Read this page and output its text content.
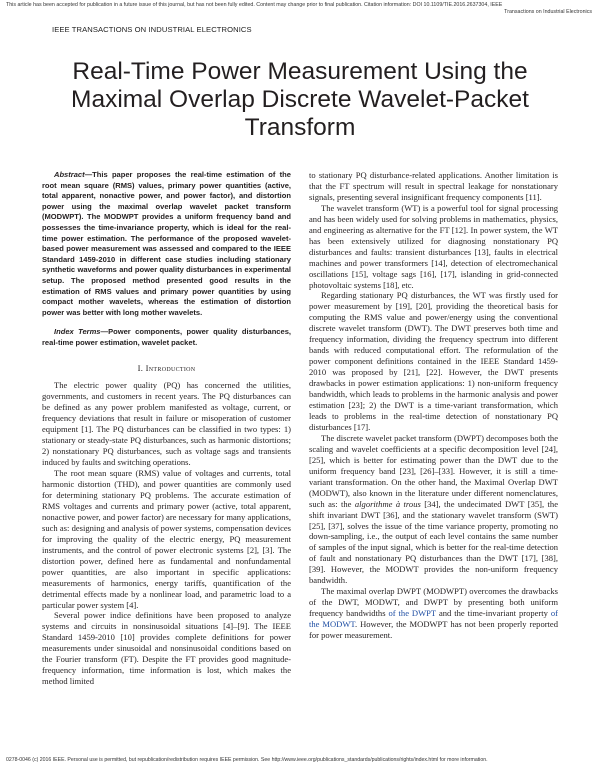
This article has been accepted for publication in a future issue of this journal, but has not been fully edited. Content may change prior to final publication. Citation information: DOI 10.1109/TIE.2016.2637304, IEEE
Transactions on Industrial Electronics
IEEE TRANSACTIONS ON INDUSTRIAL ELECTRONICS
Real-Time Power Measurement Using the Maximal Overlap Discrete Wavelet-Packet Transform

Abstract—This paper proposes the real-time estimation of the root mean square (RMS) values, primary power quantities (active, total apparent, nonactive power, and power factor), and distortion power using the maximal overlap wavelet packet transform (MODWPT). The MODWPT provides a uniform frequency band and possesses the time-invariance property, which is ideal for the real-time power estimation. The performance of the proposed wavelet-based power measurement was assessed and compared to the IEEE Standard 1459-2010 in different case studies including stationary synthetic waveforms and power quality disturbances in experimental setup. The proposed method presented good results in the estimation of RMS values and primary power quantities by using compact mother wavelets, whereas the estimation of distortion power was better with long mother wavelets.

Index Terms—Power components, power quality disturbances, real-time power estimation, wavelet packet.

I. Introduction

The electric power quality (PQ) has concerned the utilities, governments, and customers in recent years. The PQ disturbances can be defined as any power problem manifested as voltage, current, or frequency deviations that result in failure or misoperation of customer equipment [1]. The PQ disturbances can be classified in two types: 1) stationary or steady-state PQ disturbances, such as harmonic distortions; 2) nonstationary PQ disturbances, such as voltage sags and transients induced by faults and switching operations.

The root mean square (RMS) value of voltages and currents, total harmonic distortion (THD), and power quantities are commonly used for determining stationary PQ problems. The accurate estimation of RMS voltages and currents and primary power (active, total apparent, nonactive power, and power factor) are necessary for many applications, such as: designing and analysis of power systems, compensation devices for improving the quality of the electric energy, PQ measurement instruments, and the control of power electronic systems [2], [3]. The distortion power, defined here as fundamental and nonfundamental power quantities, are also important in specific applications: measurements of harmonics, energy tariffs, quantification of the detrimental effects made by a nonlinear load, and parametric load to a particular power system [4].

Several power indice definitions have been proposed to analyze systems and circuits in nonsinusoidal situations [4]–[9]. The IEEE Standard 1459-2010 [10] provides complete definitions for power measurements under sinusoidal and nonsinusoidal conditions based on the Fourier transform (FT). Despite the FT provides good magnitude-frequency information, time information is lost, which makes the method limited

to stationary PQ disturbance-related applications. Another limitation is that the FT spectrum will result in spectral leakage for nonstationary signals, presenting several insignificant frequency components [11].

The wavelet transform (WT) is a powerful tool for signal processing and has been widely used for solving problems in mathematics, physics, and engineering as alternative for the FT [12]. In power system, the WT has been extensively utilized for diagnosing nonstationary PQ disturbances and faults: transient disturbances [13], faults in electrical machines and power transformers [14], detection of electromechanical oscillations [15], voltage sags [16], [17], islanding in grid-connected photovoltaic systems [18], etc.

Regarding stationary PQ disturbances, the WT was firstly used for power measurement by [19], [20], providing the theoretical basis for computing the RMS value and power/energy using the conventional discrete wavelet transform (DWT). The DWT preserves both time and frequency information, dividing the frequency spectrum into different bands with reduced computational effort. The reformulation of the power component definitions contained in the IEEE Standard 1459-2010 was proposed by [21], [22]. However, the DWT presents drawbacks in power estimation applications: 1) non-uniform frequency bandwidth, which leads to problems in the harmonic analysis and power estimation [23]; 2) the DWT is a time-variant transformation, which leads to problems in the real-time detection of nonstationary PQ disturbances [17].

The discrete wavelet packet transform (DWPT) decomposes both the scaling and wavelet coefficients at a specific decomposition level [24], [25], which is better for estimating power than the DWT due to the uniform frequency band [23], [26]–[33]. However, it is still a time-variant transformation. On the other hand, the Maximal Overlap DWT (MODWT), also known in the literature under different nomenclatures, such as: the algorithme à trous [34], the undecimated DWT [35], the shift invariant DWT [36], and the stationary wavelet transform (SWT) [25], [37], solves the issue of the time variance property, promoting no down-sampling, i.e., the output of each level contains the same number of samples of the input signal, which is better for the real-time detection of fault and nonstationary PQ disturbances than the DWT [17], [38], [39]. However, the MODWT provides the non-uniform frequency bandwidth.

The maximal overlap DWPT (MODWPT) overcomes the drawbacks of the DWT, MODWT, and DWPT by presenting both uniform frequency bandwidths of the DWPT and the time-invariant property of the MODWT. However, the MODWPT has not been properly reported for power measurement.

0278-0046 (c) 2016 IEEE. Personal use is permitted, but republication/redistribution requires IEEE permission. See http://www.ieee.org/publications_standards/publications/rights/index.html for more information.
